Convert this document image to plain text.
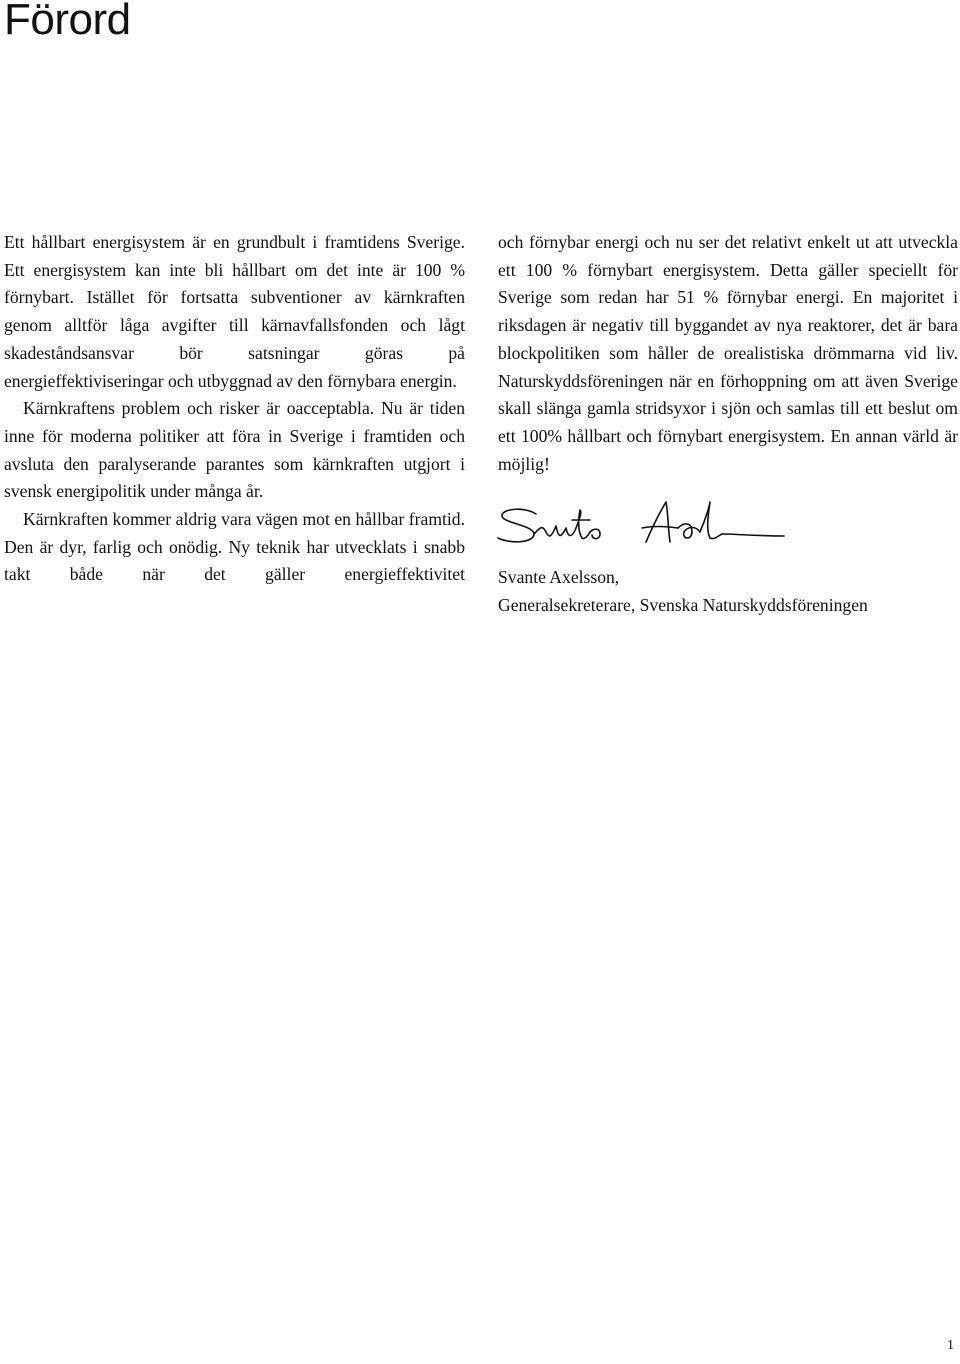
Förord

Ett hållbart energisystem är en grundbult i framtidens Sverige. Ett energisystem kan inte bli hållbart om det inte är 100 % förnybart. Istället för fortsatta subventioner av kärnkraften genom alltför låga avgifter till kärnavfallsfonden och lågt skadeståndsansvar bör satsningar göras på energieffektiviseringar och utbyggnad av den förnybara energin.

Kärnkraftens problem och risker är oacceptabla. Nu är tiden inne för moderna politiker att föra in Sverige i framtiden och avsluta den paralyserande parantes som kärnkraften utgjort i svensk energipolitik under många år.

Kärnkraften kommer aldrig vara vägen mot en hållbar framtid. Den är dyr, farlig och onödig. Ny teknik har utvecklats i snabb takt både när det gäller energieffektivitet

och förnybar energi och nu ser det relativt enkelt ut att utveckla ett 100 % förnybart energisystem. Detta gäller speciellt för Sverige som redan har 51 % förnybar energi. En majoritet i riksdagen är negativ till byggandet av nya reaktorer, det är bara blockpolitiken som håller de orealistiska drömmarna vid liv. Naturskyddsföreningen när en förhoppning om att även Sverige skall slänga gamla stridsyxor i sjön och samlas till ett beslut om ett 100% hållbart och förnybart energisystem. En annan värld är möjlig!

Svante Axelsson,
Generalsekreterare, Svenska Naturskyddsföreningen
1
